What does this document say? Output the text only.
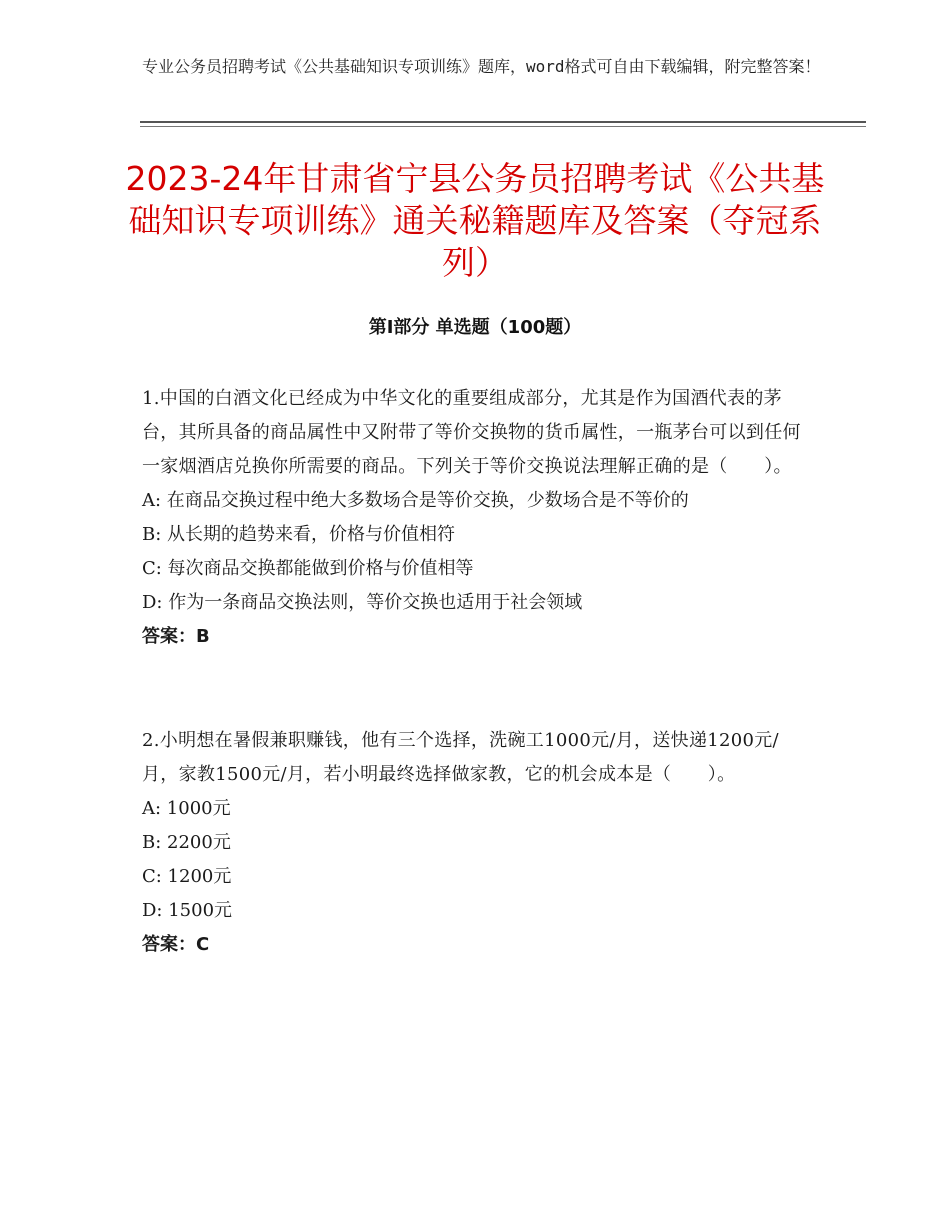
专业公务员招聘考试《公共基础知识专项训练》题库，word格式可自由下载编辑，附完整答案！
2023-24年甘肃省宁县公务员招聘考试《公共基础知识专项训练》通关秘籍题库及答案（夺冠系列）
第I部分 单选题（100题）
1.中国的白酒文化已经成为中华文化的重要组成部分，尤其是作为国酒代表的茅台，其所具备的商品属性中又附带了等价交换物的货币属性，一瓶茅台可以到任何一家烟酒店兑换你所需要的商品。下列关于等价交换说法理解正确的是（　　）。
A: 在商品交换过程中绝大多数场合是等价交换，少数场合是不等价的
B: 从长期的趋势来看，价格与价值相符
C: 每次商品交换都能做到价格与价值相等
D: 作为一条商品交换法则，等价交换也适用于社会领域
答案：B
2.小明想在暑假兼职赚钱，他有三个选择，洗碗工1000元/月，送快递1200元/月，家教1500元/月，若小明最终选择做家教，它的机会成本是（　　）。
A: 1000元
B: 2200元
C: 1200元
D: 1500元
答案：C
